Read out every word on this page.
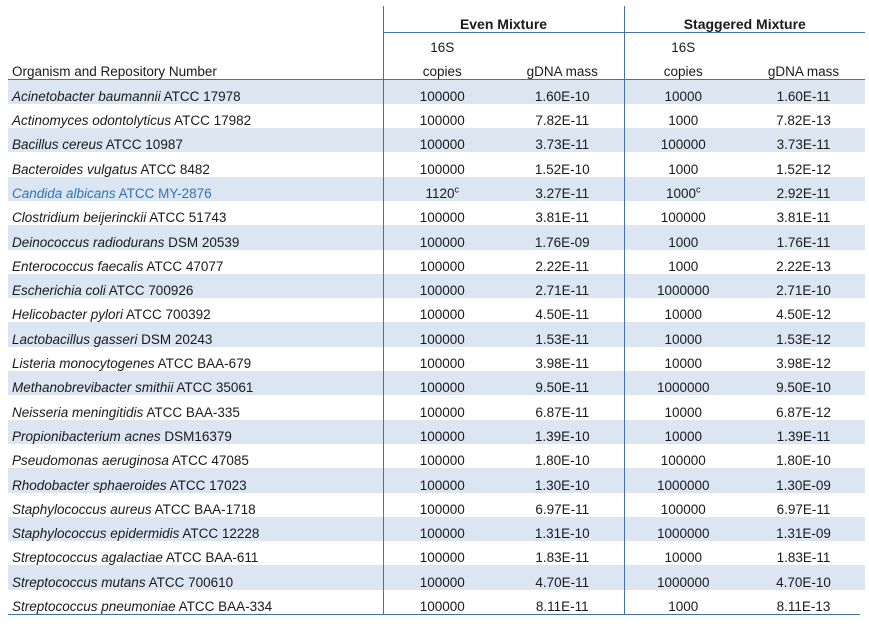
	Even Mixture		Staggered Mixture	
	16S		16S	
Organism and Repository Number	copies	gDNA mass	copies	gDNA mass
Acinetobacter baumannii ATCC 17978	100000	1.60E-10	10000	1.60E-11
Actinomyces odontolyticus ATCC 17982	100000	7.82E-11	1000	7.82E-13
Bacillus cereus ATCC 10987	100000	3.73E-11	100000	3.73E-11
Bacteroides vulgatus ATCC 8482	100000	1.52E-10	1000	1.52E-12
Candida albicans ATCC MY-2876	1120$^c$	3.27E-11	1000$^c$	2.92E-11
Clostridium beijerinckii ATCC 51743	100000	3.81E-11	100000	3.81E-11
Deinococcus radiodurans DSM 20539	100000	1.76E-09	1000	1.76E-11
Enterococcus faecalis ATCC 47077	100000	2.22E-11	1000	2.22E-13
Escherichia coli ATCC 700926	100000	2.71E-11	1000000	2.71E-10
Helicobacter pylori ATCC 700392	100000	4.50E-11	10000	4.50E-12
Lactobacillus gasseri DSM 20243	100000	1.53E-11	10000	1.53E-12
Listeria monocytogenes ATCC BAA-679	100000	3.98E-11	10000	3.98E-12
Methanobrevibacter smithii ATCC 35061	100000	9.50E-11	1000000	9.50E-10
Neisseria meningitidis ATCC BAA-335	100000	6.87E-11	10000	6.87E-12
Propionibacterium acnes DSM16379	100000	1.39E-10	10000	1.39E-11
Pseudomonas aeruginosa ATCC 47085	100000	1.80E-10	100000	1.80E-10
Rhodobacter sphaeroides ATCC 17023	100000	1.30E-10	1000000	1.30E-09
Staphylococcus aureus ATCC BAA-1718	100000	6.97E-11	100000	6.97E-11
Staphylococcus epidermidis ATCC 12228	100000	1.31E-10	1000000	1.31E-09
Streptococcus agalactiae ATCC BAA-611	100000	1.83E-11	10000	1.83E-11
Streptococcus mutans ATCC 700610	100000	4.70E-11	1000000	4.70E-10
Streptococcus pneumoniae ATCC BAA-334	100000	8.11E-11	1000	8.11E-13
